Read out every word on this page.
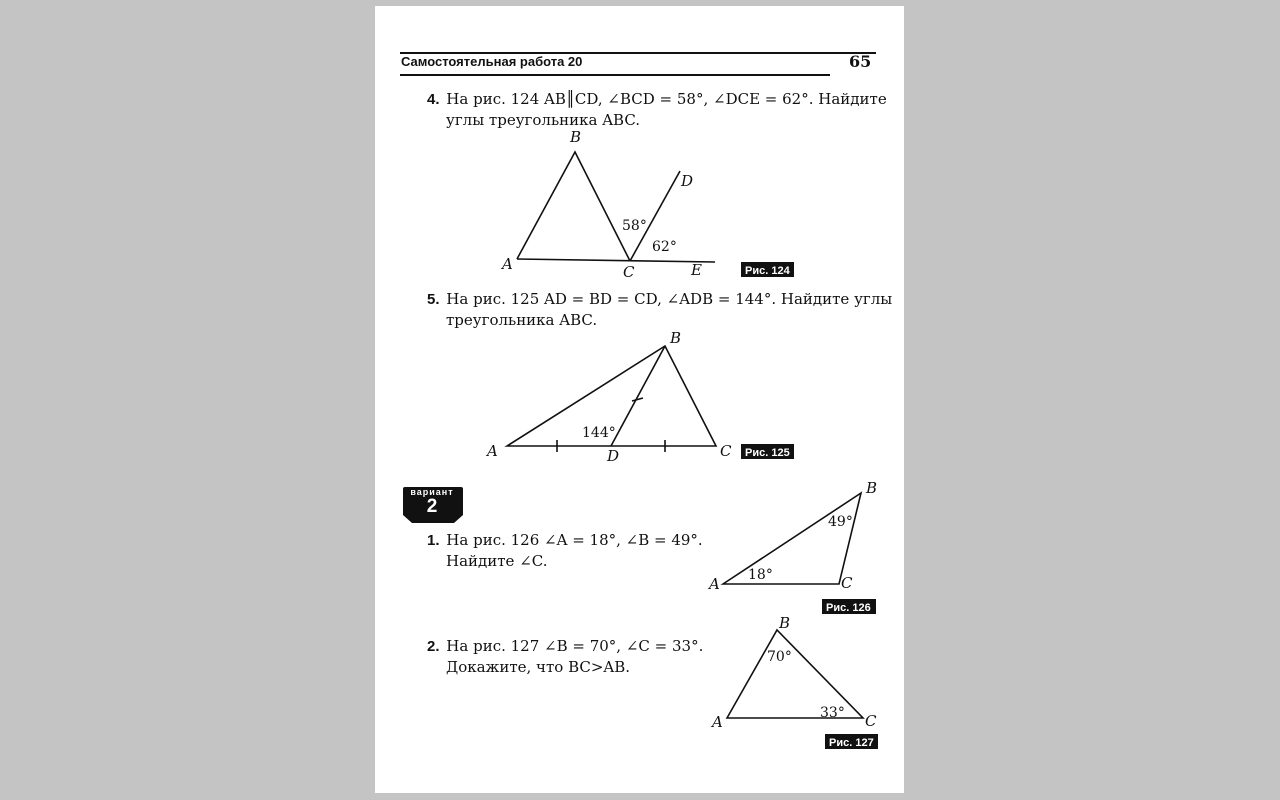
Самостоятельная работа 20	65
4. На рис. 124 AB║CD, ∠BCD = 58°, ∠DCE = 62°. Найдите
углы треугольника ABC.
5. На рис. 125 AD = BD = CD, ∠ADB = 144°. Найдите углы
треугольника ABC.
вариант
2
1. На рис. 126 ∠A = 18°, ∠B = 49°.
Найдите ∠C.
2. На рис. 127 ∠B = 70°, ∠C = 33°.
Докажите, что BC>AB.
B
D
A	C	E
58°
62°
Рис. 124
B
A	D	C
144°
Рис. 125
B
A	C
49°
18°
Рис. 126
B
A	C
70°
33°
Рис. 127
